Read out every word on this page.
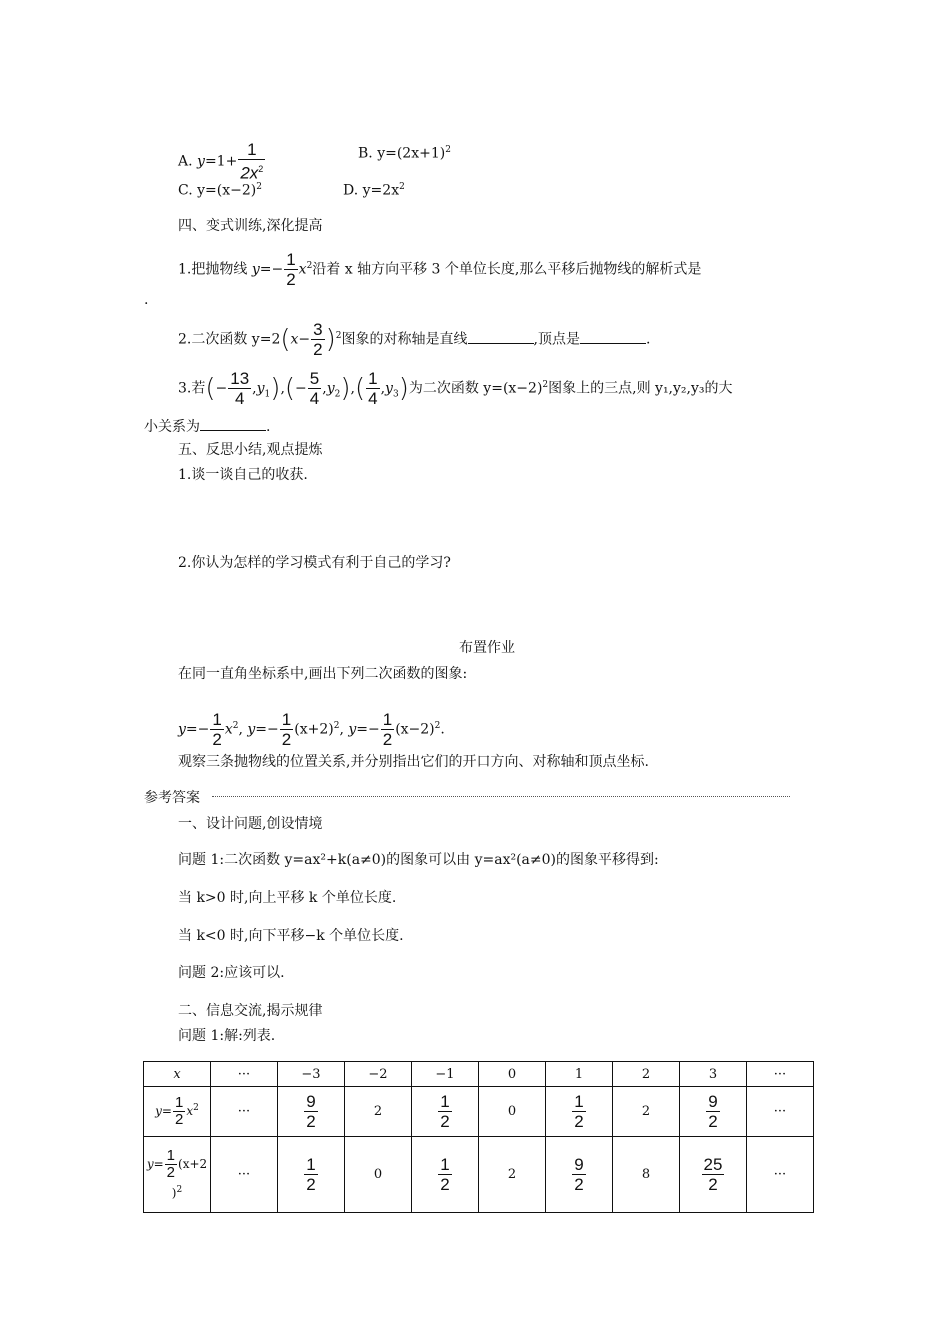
A. $y=1+ \frac{1}{2x^2}$	B. $y=(2x+1)^2$
C. $y=(x-2)^2$	D. $y=2x^2$
四、变式训练,深化提高
1.把抛物线 $y=- \frac{1}{2} x^2$沿着 x 轴方向平移 3 个单位长度,那么平移后抛物线的解析式是
.
2.二次函数 $y=2(x- \frac{3}{2} )^2$图象的对称轴是直线	,顶点是	.
3.若(− $\frac{13}{4} ,y_1),(- \frac{5}{4} ,y_2),( \frac{1}{4} ,y_3)$为二次函数 $y=(x-2)^2$图象上的三点,则 y₁,y₂,y₃的大
小关系为	.
五、反思小结,观点提炼
1.谈一谈自己的收获.
2.你认为怎样的学习模式有利于自己的学习?
布置作业
在同一直角坐标系中,画出下列二次函数的图象:
$y=- \frac{1}{2} x^2$, $y=- \frac{1}{2} (x+2)^2$, $y=- \frac{1}{2} (x-2)^2$.
观察三条抛物线的位置关系,并分别指出它们的开口方向、对称轴和顶点坐标.
参考答案
一、设计问题,创设情境
问题 1:二次函数 y=ax²+k(a≠0)的图象可以由 y=ax²(a≠0)的图象平移得到:
当 k>0 时,向上平移 k 个单位长度.
当 k<0 时,向下平移−k 个单位长度.
问题 2:应该可以.
二、信息交流,揭示规律
问题 1:解:列表.
x	···	−3	−2	−1	0	1	2	3	···
$y= \frac{1}{2} x^2$	···	$\frac{9}{2}$	2	$\frac{1}{2}$	0	$\frac{1}{2}$	2	$\frac{9}{2}$	···
$y= \frac{1}{2} (x+2$
)$^2$	···	$\frac{1}{2}$	0	$\frac{1}{2}$	2	$\frac{9}{2}$	8	$\frac{25}{2}$	···
